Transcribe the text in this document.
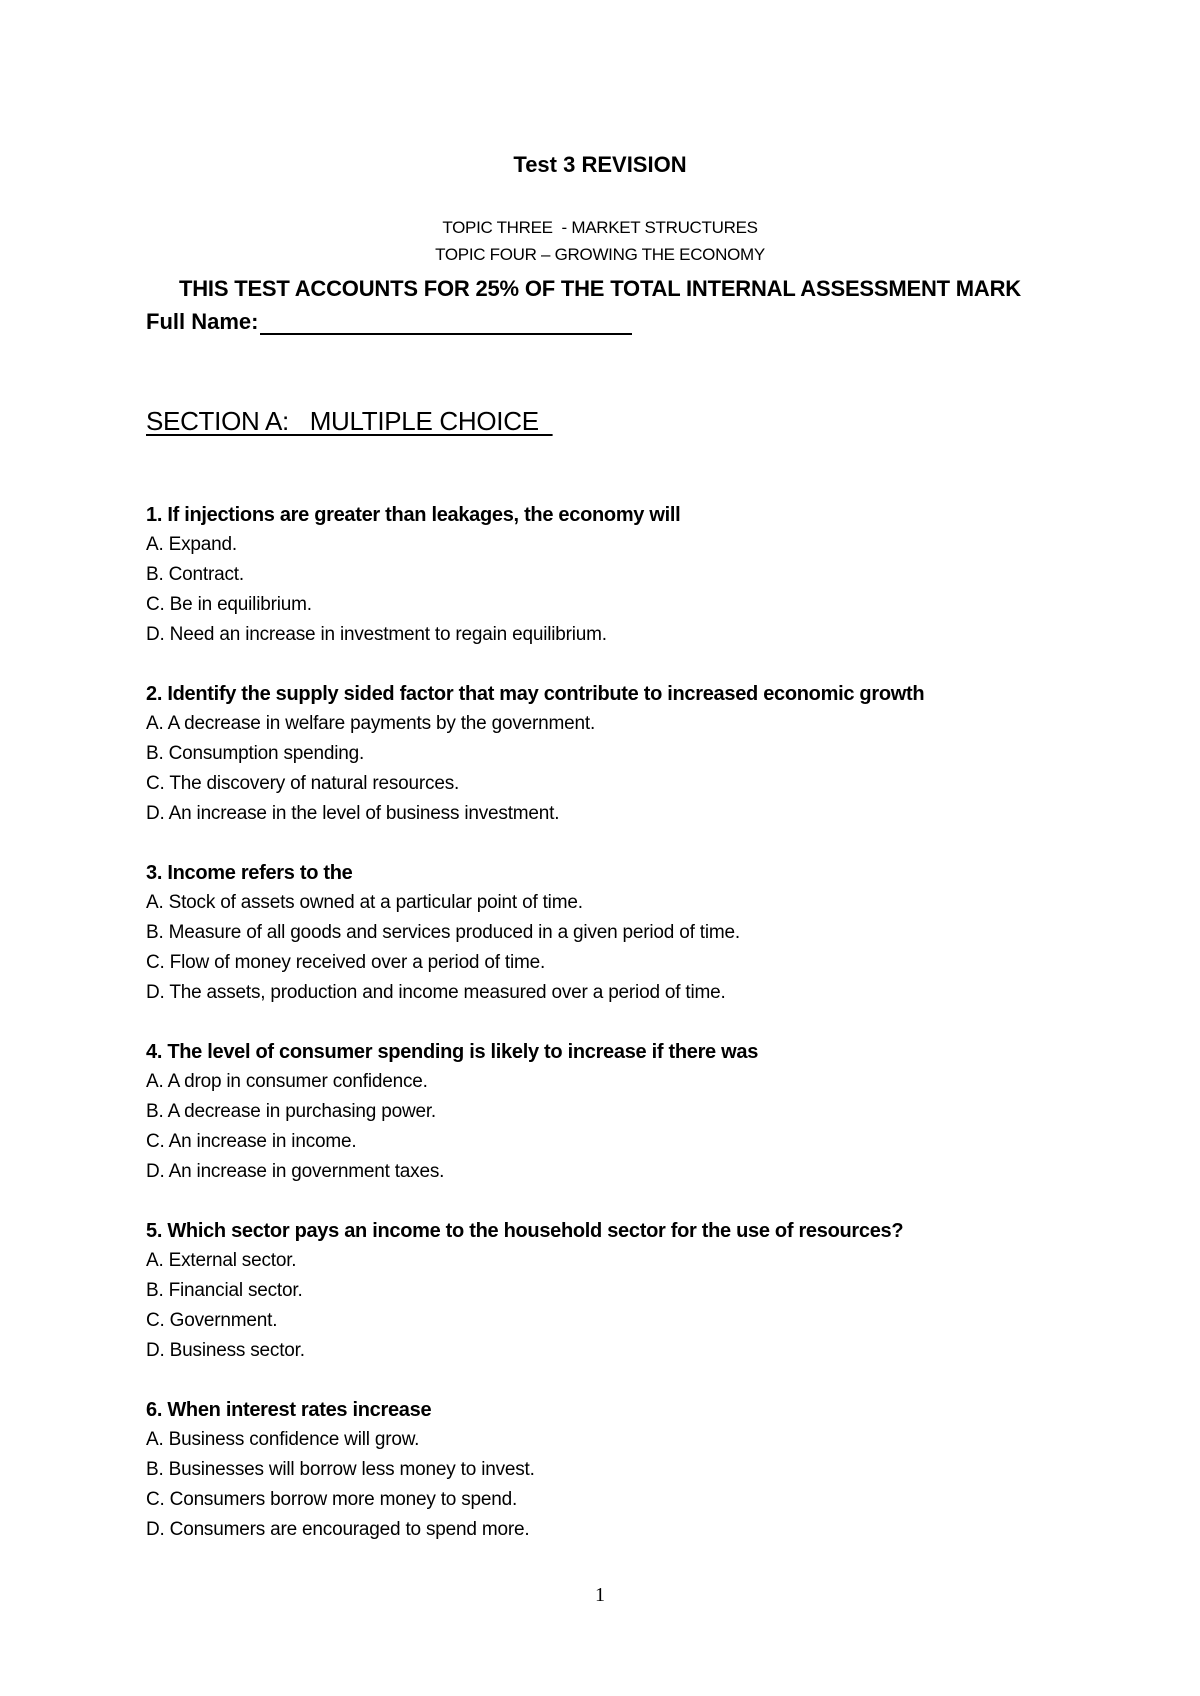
Test 3 REVISION
TOPIC THREE  - MARKET STRUCTURES
TOPIC FOUR – GROWING THE ECONOMY
THIS TEST ACCOUNTS FOR 25% OF THE TOTAL INTERNAL ASSESSMENT MARK
Full Name:
SECTION A:   MULTIPLE CHOICE
1. If injections are greater than leakages, the economy will
A. Expand.
B. Contract.
C. Be in equilibrium.
D. Need an increase in investment to regain equilibrium.
2. Identify the supply sided factor that may contribute to increased economic growth
A. A decrease in welfare payments by the government.
B. Consumption spending.
C. The discovery of natural resources.
D. An increase in the level of business investment.
3. Income refers to the
A. Stock of assets owned at a particular point of time.
B. Measure of all goods and services produced in a given period of time.
C. Flow of money received over a period of time.
D. The assets, production and income measured over a period of time.
4. The level of consumer spending is likely to increase if there was
A. A drop in consumer confidence.
B. A decrease in purchasing power.
C. An increase in income.
D. An increase in government taxes.
5. Which sector pays an income to the household sector for the use of resources?
A. External sector.
B. Financial sector.
C. Government.
D. Business sector.
6. When interest rates increase
A. Business confidence will grow.
B. Businesses will borrow less money to invest.
C. Consumers borrow more money to spend.
D. Consumers are encouraged to spend more.
1
